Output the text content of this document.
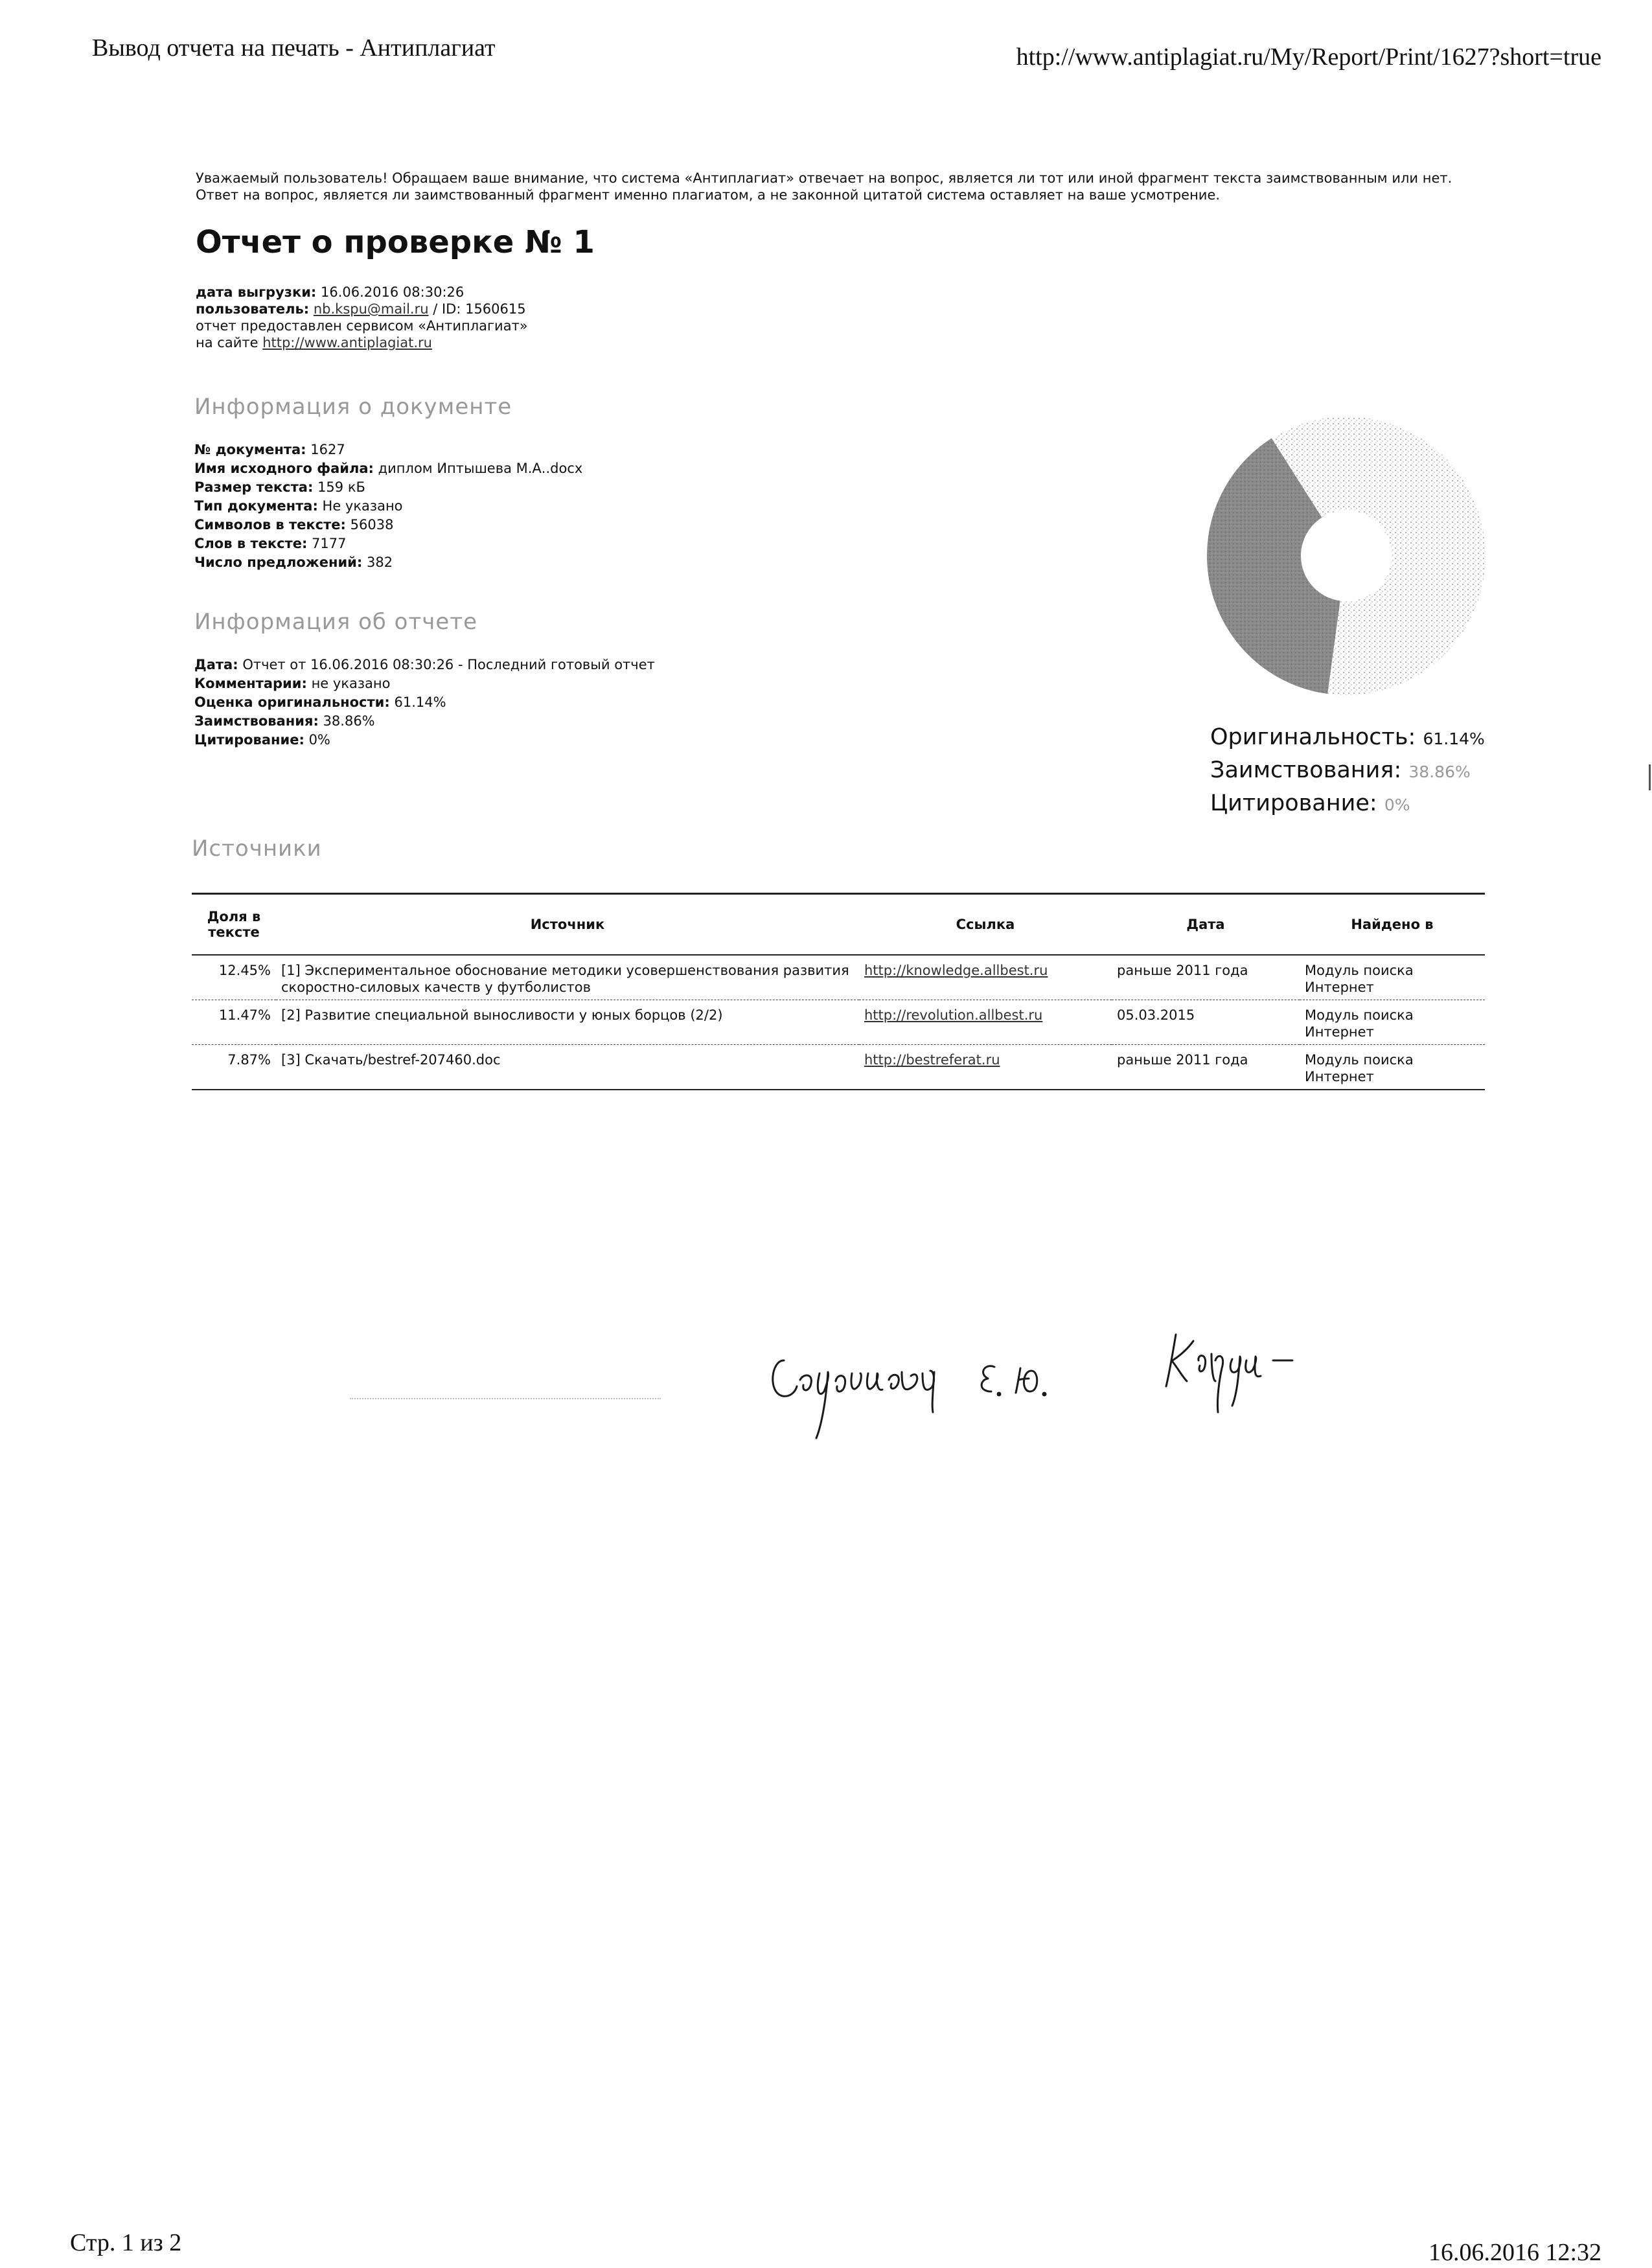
Вывод отчета на печать - Антиплагиат	http://www.antiplagiat.ru/My/Report/Print/1627?short=true
Уважаемый пользователь! Обращаем ваше внимание, что система «Антиплагиат» отвечает на вопрос, является ли тот или иной фрагмент текста заимствованным или нет. Ответ на вопрос, является ли заимствованный фрагмент именно плагиатом, а не законной цитатой система оставляет на ваше усмотрение.
Отчет о проверке № 1
дата выгрузки: 16.06.2016 08:30:26
пользователь: nb.kspu@mail.ru / ID: 1560615
отчет предоставлен сервисом «Антиплагиат»
на сайте http://www.antiplagiat.ru
Информация о документе
№ документа: 1627
Имя исходного файла: диплом Иптышева М.А..docx
Размер текста: 159 кБ
Тип документа: Не указано
Символов в тексте: 56038
Слов в тексте: 7177
Число предложений: 382
Информация об отчете
Дата: Отчет от 16.06.2016 08:30:26 - Последний готовый отчет
Комментарии: не указано
Оценка оригинальности: 61.14%
Заимствования: 38.86%
Цитирование: 0%	Оригинальность: 61.14%
Заимствования: 38.86%
Цитирование: 0%
Источники
Доля в тексте	Источник	Ссылка	Дата	Найдено в
12.45%	[1] Экспериментальное обоснование методики усовершенствования развития скоростно-силовых качеств у футболистов	http://knowledge.allbest.ru	раньше 2011 года	Модуль поиска Интернет
11.47%	[2] Развитие специальной выносливости у юных борцов (2/2)	http://revolution.allbest.ru	05.03.2015	Модуль поиска Интернет
7.87%	[3] Скачать/bestref-207460.doc	http://bestreferat.ru	раньше 2011 года	Модуль поиска Интернет
Стр. 1 из 2	16.06.2016 12:32
